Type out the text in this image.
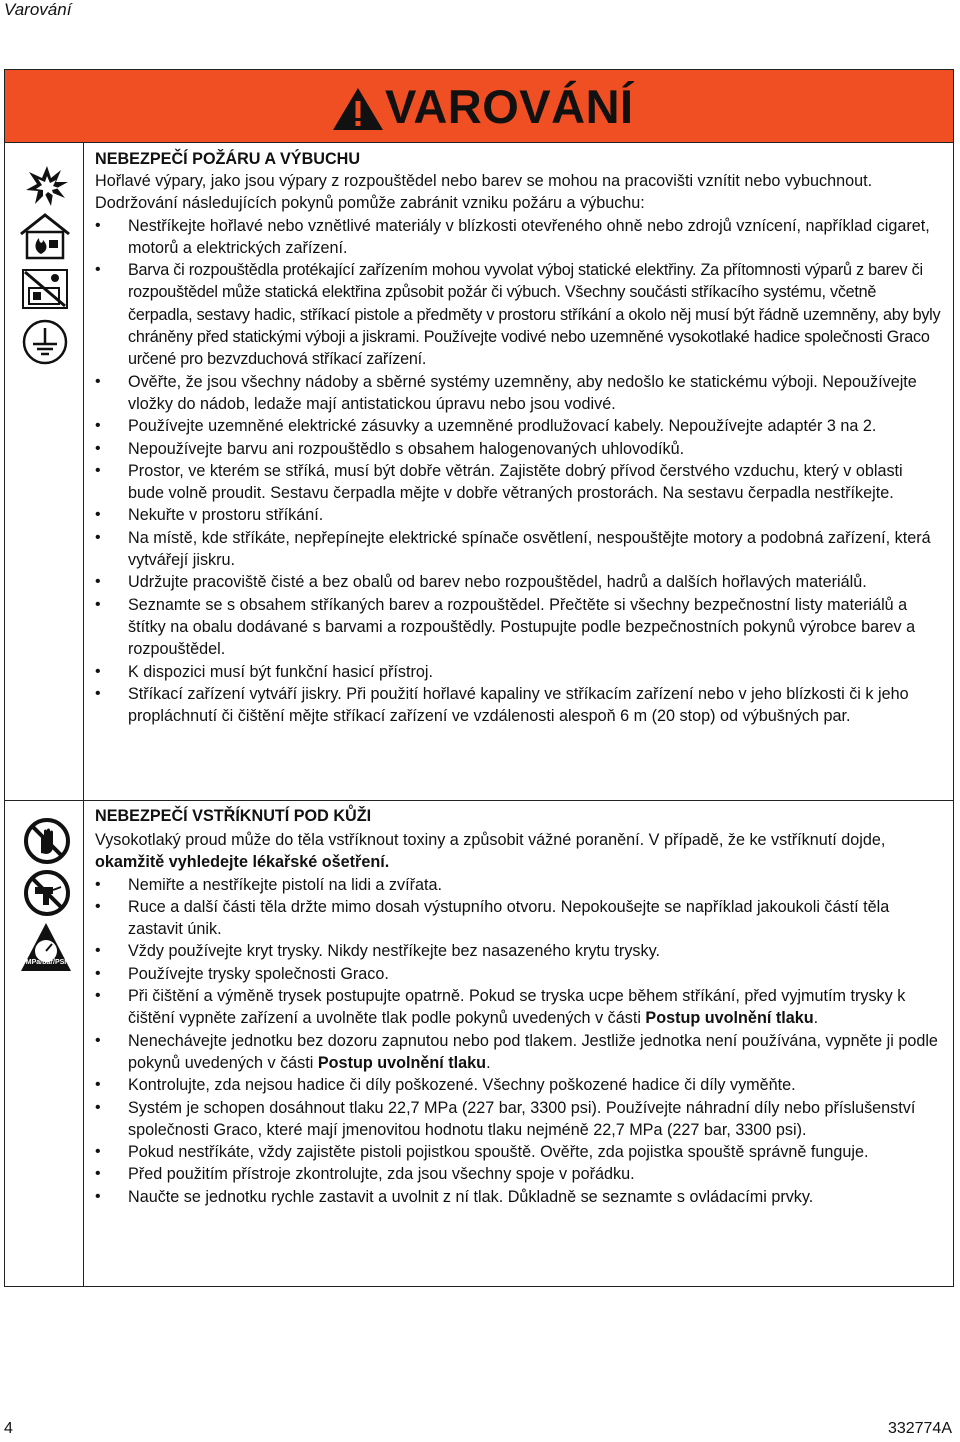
Varování
VAROVÁNÍ
NEBEZPEČÍ POŽÁRU A VÝBUCHU

Hořlavé výpary, jako jsou výpary z rozpouštědel nebo barev se mohou na pracovišti vznítit nebo vybuchnout. Dodržování následujících pokynů pomůže zabránit vzniku požáru a výbuchu:

• Nestříkejte hořlavé nebo vznětlivé materiály v blízkosti otevřeného ohně nebo zdrojů vznícení, například cigaret, motorů a elektrických zařízení.
• Barva či rozpouštědla protékající zařízením mohou vyvolat výboj statické elektřiny. Za přítomnosti výparů z barev či rozpouštědel může statická elektřina způsobit požár či výbuch. Všechny součásti stříkacího systému, včetně čerpadla, sestavy hadic, stříkací pistole a předměty v prostoru stříkání a okolo něj musí být řádně uzemněny, aby byly chráněny před statickými výboji a jiskrami. Používejte vodivé nebo uzemněné vysokotlaké hadice společnosti Graco určené pro bezvzduchová stříkací zařízení.
• Ověřte, že jsou všechny nádoby a sběrné systémy uzemněny, aby nedošlo ke statickému výboji. Nepoužívejte vložky do nádob, ledaže mají antistatickou úpravu nebo jsou vodivé.
• Používejte uzemněné elektrické zásuvky a uzemněné prodlužovací kabely. Nepoužívejte adaptér 3 na 2.
• Nepoužívejte barvu ani rozpouštědlo s obsahem halogenovaných uhlovodíků.
• Prostor, ve kterém se stříká, musí být dobře větrán. Zajistěte dobrý přívod čerstvého vzduchu, který v oblasti bude volně proudit. Sestavu čerpadla mějte v dobře větraných prostorách. Na sestavu čerpadla nestříkejte.
• Nekuřte v prostoru stříkání.
• Na místě, kde stříkáte, nepřepínejte elektrické spínače osvětlení, nespouštějte motory a podobná zařízení, která vytvářejí jiskru.
• Udržujte pracoviště čisté a bez obalů od barev nebo rozpouštědel, hadrů a dalších hořlavých materiálů.
• Seznamte se s obsahem stříkaných barev a rozpouštědel. Přečtěte si všechny bezpečnostní listy materiálů a štítky na obalu dodávané s barvami a rozpouštědly. Postupujte podle bezpečnostních pokynů výrobce barev a rozpouštědel.
• K dispozici musí být funkční hasicí přístroj.
• Stříkací zařízení vytváří jiskry. Při použití hořlavé kapaliny ve stříkacím zařízení nebo v jeho blízkosti či k jeho propláchnutí či čištění mějte stříkací zařízení ve vzdálenosti alespoň 6 m (20 stop) od výbušných par.
MPa/bar/PSI
NEBEZPEČÍ VSTŘÍKNUTÍ POD KŮŽI

Vysokotlaký proud může do těla vstříknout toxiny a způsobit vážné poranění. V případě, že ke vstříknutí dojde, okamžitě vyhledejte lékařské ošetření.

• Nemiřte a nestříkejte pistolí na lidi a zvířata.
• Ruce a další části těla držte mimo dosah výstupního otvoru. Nepokoušejte se například jakoukoli částí těla zastavit únik.
• Vždy používejte kryt trysky. Nikdy nestříkejte bez nasazeného krytu trysky.
• Používejte trysky společnosti Graco.
• Při čištění a výměně trysek postupujte opatrně. Pokud se tryska ucpe během stříkání, před vyjmutím trysky k čištění vypněte zařízení a uvolněte tlak podle pokynů uvedených v části Postup uvolnění tlaku.
• Nenechávejte jednotku bez dozoru zapnutou nebo pod tlakem. Jestliže jednotka není používána, vypněte ji podle pokynů uvedených v části Postup uvolnění tlaku.
• Kontrolujte, zda nejsou hadice či díly poškozené. Všechny poškozené hadice či díly vyměňte.
• Systém je schopen dosáhnout tlaku 22,7 MPa (227 bar, 3300 psi). Používejte náhradní díly nebo příslušenství společnosti Graco, které mají jmenovitou hodnotu tlaku nejméně 22,7 MPa (227 bar, 3300 psi).
• Pokud nestříkáte, vždy zajistěte pistoli pojistkou spouště. Ověřte, zda pojistka spouště správně funguje.
• Před použitím přístroje zkontrolujte, zda jsou všechny spoje v pořádku.
• Naučte se jednotku rychle zastavit a uvolnit z ní tlak. Důkladně se seznamte s ovládacími prvky.
4	332774A
